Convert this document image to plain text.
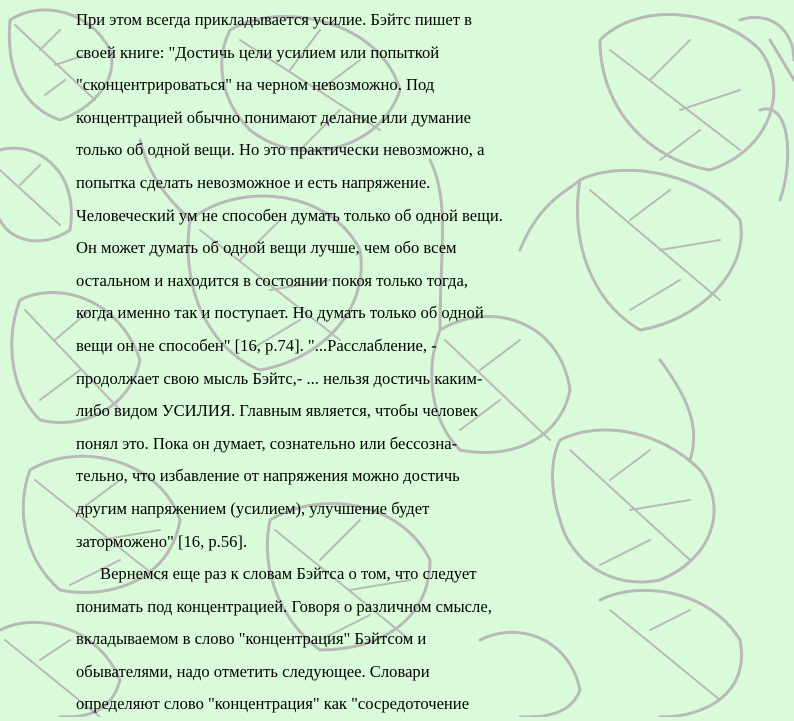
При этом всегда прикладывается усилие. Бэйтс пишет в
своей книге: "Достичь цели усилием или попыткой
"сконцентрироваться" на черном невозможно. Под
концентрацией обычно понимают делание или думание
только об одной вещи. Но это практически невозможно, а
попытка сделать невозможное и есть напряжение.
Человеческий ум не способен думать только об одной вещи.
Он может думать об одной вещи лучше, чем обо всем
остальном и находится в состоянии покоя только тогда,
когда именно так и поступает. Но думать только об одной
вещи он не способен" [16, p.74]. "...Расслабление, -
продолжает свою мысль Бэйтс,- ... нельзя достичь каким-
либо видом УСИЛИЯ. Главным является, чтобы человек
понял это. Пока он думает, сознательно или бессозна-
тельно, что избавление от напряжения можно достичь
другим напряжением (усилием), улучшение будет
заторможено" [16, p.56].
Вернемся еще раз к словам Бэйтса о том, что следует
понимать под концентрацией. Говоря о различном смысле,
вкладываемом в слово "концентрация" Бэйтсом и
обывателями, надо отметить следующее. Словари
определяют слово "концентрация" как "сосредоточение
